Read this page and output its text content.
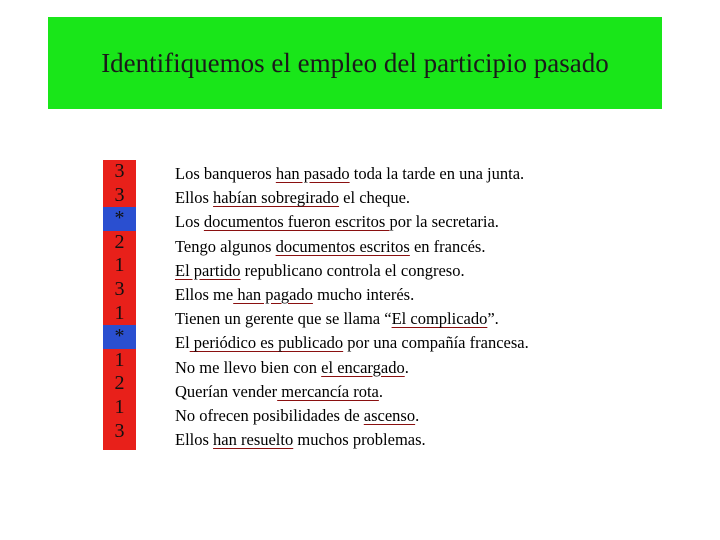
Identifiquemos el empleo del participio pasado
3
3
*
2
1
3
1
*
1
2
1
3
Los banqueros han pasado toda la tarde en una junta.
Ellos habían sobregirado el cheque.
Los documentos fueron escritos por la secretaria.
Tengo algunos documentos escritos en francés.
El partido republicano controla el congreso.
Ellos me han pagado mucho interés.
Tienen un gerente que se llama “El complicado”.
El periódico es publicado por una compañía francesa.
No me llevo bien con el encargado.
Querían vender mercancía rota.
No ofrecen posibilidades de ascenso.
Ellos han resuelto muchos problemas.
